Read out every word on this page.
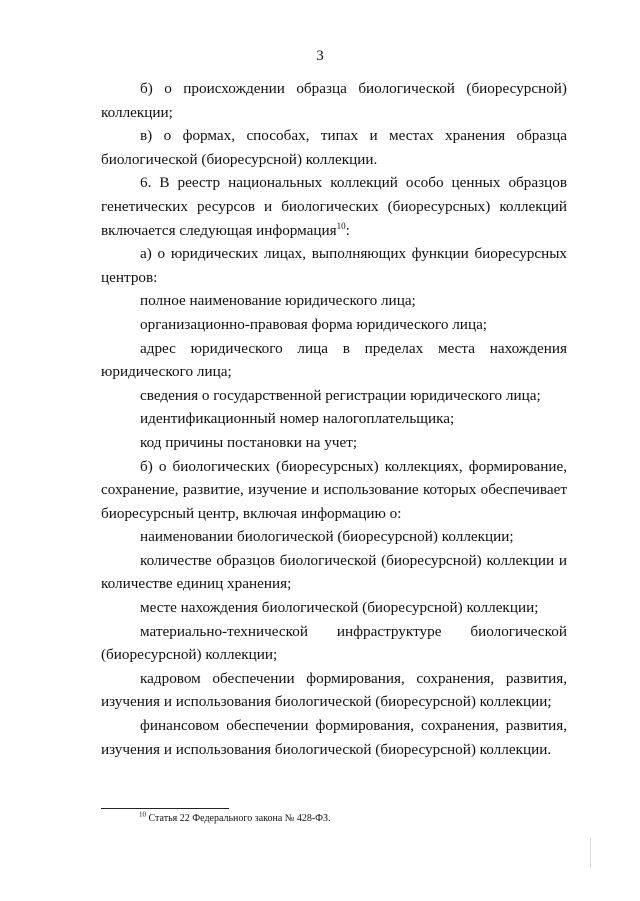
3

б) о происхождении образца биологической (биоресурсной) коллекции;

в) о формах, способах, типах и местах хранения образца биологической (биоресурсной) коллекции.

6. В реестр национальных коллекций особо ценных образцов генетических ресурсов и биологических (биоресурсных) коллекций включается следующая информация$^{10}$:

а) о юридических лицах, выполняющих функции биоресурсных центров:

полное наименование юридического лица;

организационно-правовая форма юридического лица;

адрес юридического лица в пределах места нахождения юридического лица;

сведения о государственной регистрации юридического лица;

идентификационный номер налогоплательщика;

код причины постановки на учет;

б) о биологических (биоресурсных) коллекциях, формирование, сохранение, развитие, изучение и использование которых обеспечивает биоресурсный центр, включая информацию о:

наименовании биологической (биоресурсной) коллекции;

количестве образцов биологической (биоресурсной) коллекции и количестве единиц хранения;

месте нахождения биологической (биоресурсной) коллекции;

материально-технической инфраструктуре биологической (биоресурсной) коллекции;

кадровом обеспечении формирования, сохранения, развития, изучения и использования биологической (биоресурсной) коллекции;

финансовом обеспечении формирования, сохранения, развития, изучения и использования биологической (биоресурсной) коллекции.

$^{10}$ Статья 22 Федерального закона № 428-ФЗ.
